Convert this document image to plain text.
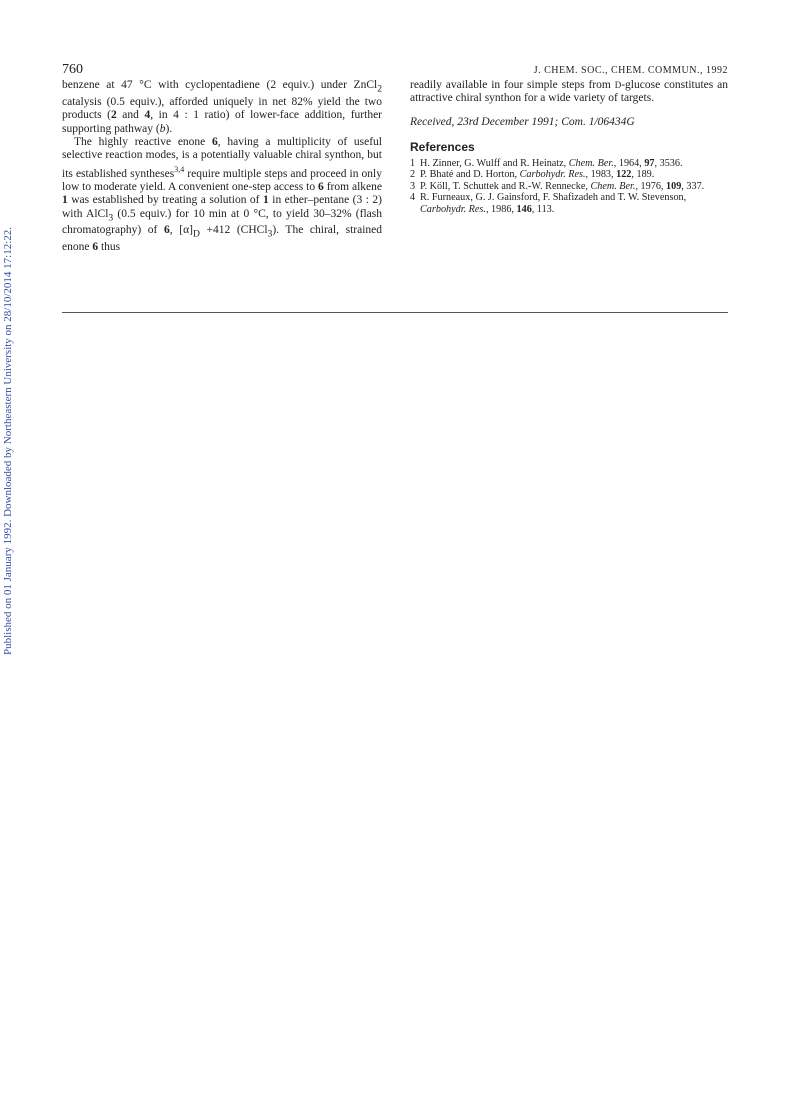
760	J. CHEM. SOC., CHEM. COMMUN., 1992
Published on 01 January 1992. Downloaded by Northeastern University on 28/10/2014 17:12:22.

benzene at 47 °C with cyclopentadiene (2 equiv.) under ZnCl$_2$ catalysis (0.5 equiv.), afforded uniquely in net 82% yield the two products (2 and 4, in 4 : 1 ratio) of lower-face addition, further supporting pathway (b).

The highly reactive enone 6, having a multiplicity of useful selective reaction modes, is a potentially valuable chiral synthon, but its established syntheses$^{3,4}$ require multiple steps and proceed in only low to moderate yield. A convenient one-step access to 6 from alkene 1 was established by treating a solution of 1 in ether–pentane (3 : 2) with AlCl$_3$ (0.5 equiv.) for 10 min at 0 °C, to yield 30–32% (flash chromatography) of 6, $[\alpha]_D +412$ (CHCl$_3$). The chiral, strained enone 6 thus

readily available in four simple steps from D-glucose constitutes an attractive chiral synthon for a wide variety of targets.

Received, 23rd December 1991; Com. 1/06434G

References
1 H. Zinner, G. Wulff and R. Heinatz, Chem. Ber., 1964, 97, 3536.
2 P. Bhaté and D. Horton, Carbohydr. Res., 1983, 122, 189.
3 P. Köll, T. Schuttek and R.-W. Rennecke, Chem. Ber., 1976, 109, 337.
4 R. Furneaux, G. J. Gainsford, F. Shafizadeh and T. W. Stevenson, Carbohydr. Res., 1986, 146, 113.
